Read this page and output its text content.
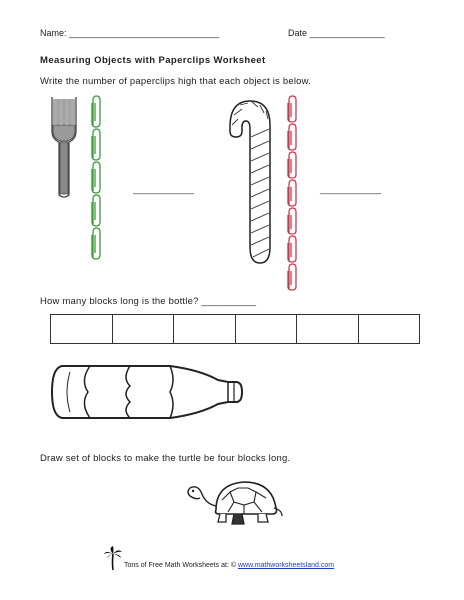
Name: ______________________________	Date _______________
Measuring Objects with Paperclips Worksheet
Write the number of paperclips high that each object is below.
_______________	_______________
How many blocks long is the bottle? __________
Draw set of blocks to make the turtle be four blocks long.
Tons of Free Math Worksheets at: © www.mathworksheetsland.com
